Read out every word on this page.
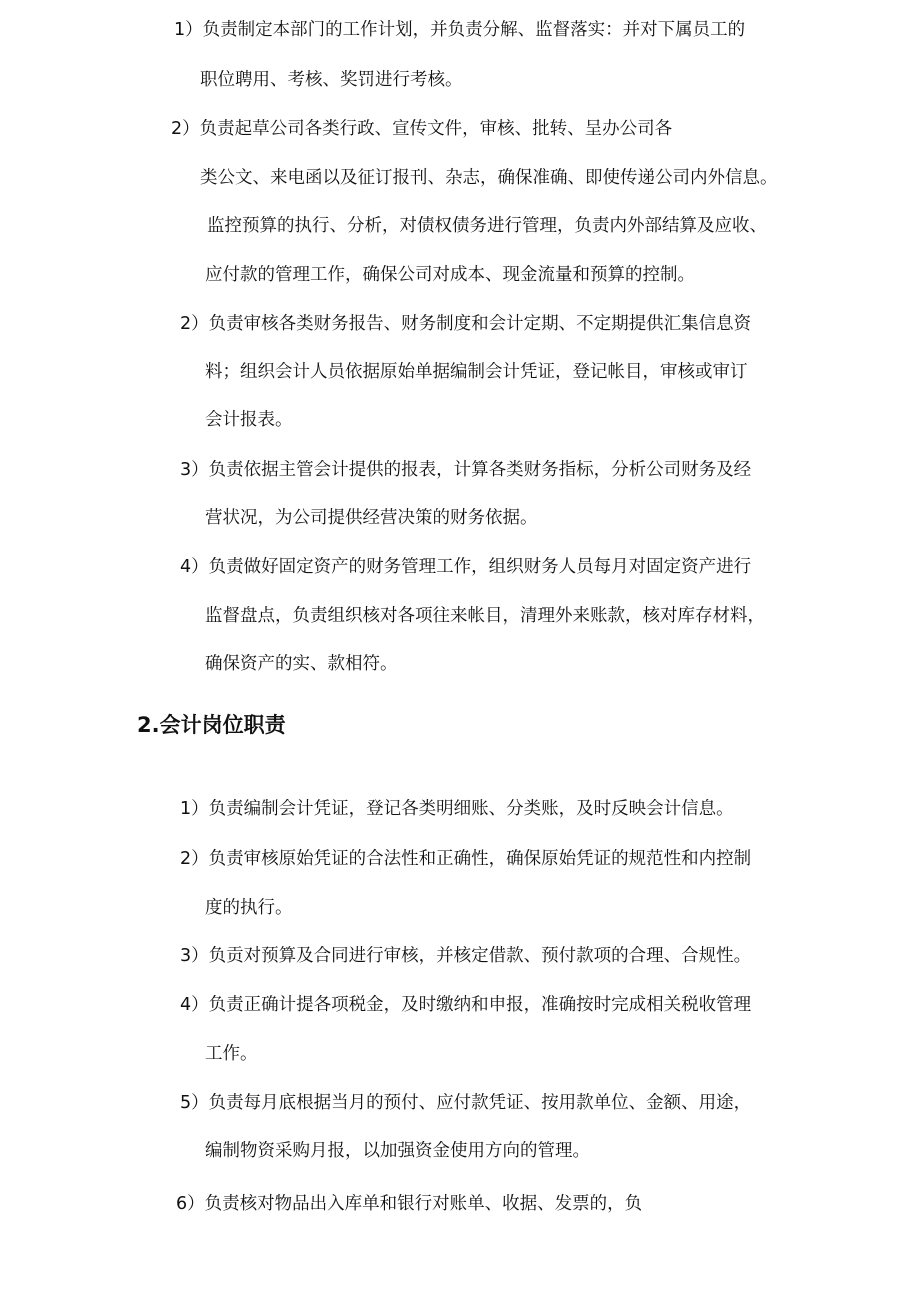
1）负责制定本部门的工作计划，并负责分解、监督落实：并对下属员工的
职位聘用、考核、奖罚进行考核。
2）负责起草公司各类行政、宣传文件，审核、批转、呈办公司各
类公文、来电函以及征订报刊、杂志，确保准确、即使传递公司内外信息。
监控预算的执行、分析，对债权债务进行管理，负责内外部结算及应收、
应付款的管理工作，确保公司对成本、现金流量和预算的控制。
2）负责审核各类财务报告、财务制度和会计定期、不定期提供汇集信息资
料；组织会计人员依据原始单据编制会计凭证，登记帐目，审核或审订
会计报表。
3）负责依据主管会计提供的报表，计算各类财务指标，分析公司财务及经
营状况，为公司提供经营决策的财务依据。
4）负责做好固定资产的财务管理工作，组织财务人员每月对固定资产进行
监督盘点，负责组织核对各项往来帐目，清理外来账款，核对库存材料，
确保资产的实、款相符。
2.会计岗位职责
1）负责编制会计凭证，登记各类明细账、分类账，及时反映会计信息。
2）负责审核原始凭证的合法性和正确性，确保原始凭证的规范性和内控制
度的执行。
3）负贡对预算及合同进行审核，并核定借款、预付款项的合理、合规性。
4）负责正确计提各项税金，及时缴纳和申报，准确按时完成相关税收管理
工作。
5）负责每月底根据当月的预付、应付款凭证、按用款单位、金额、用途，
编制物资采购月报，以加强资金使用方向的管理。
6）负责核对物品出入库单和银行对账单、收据、发票的，负
